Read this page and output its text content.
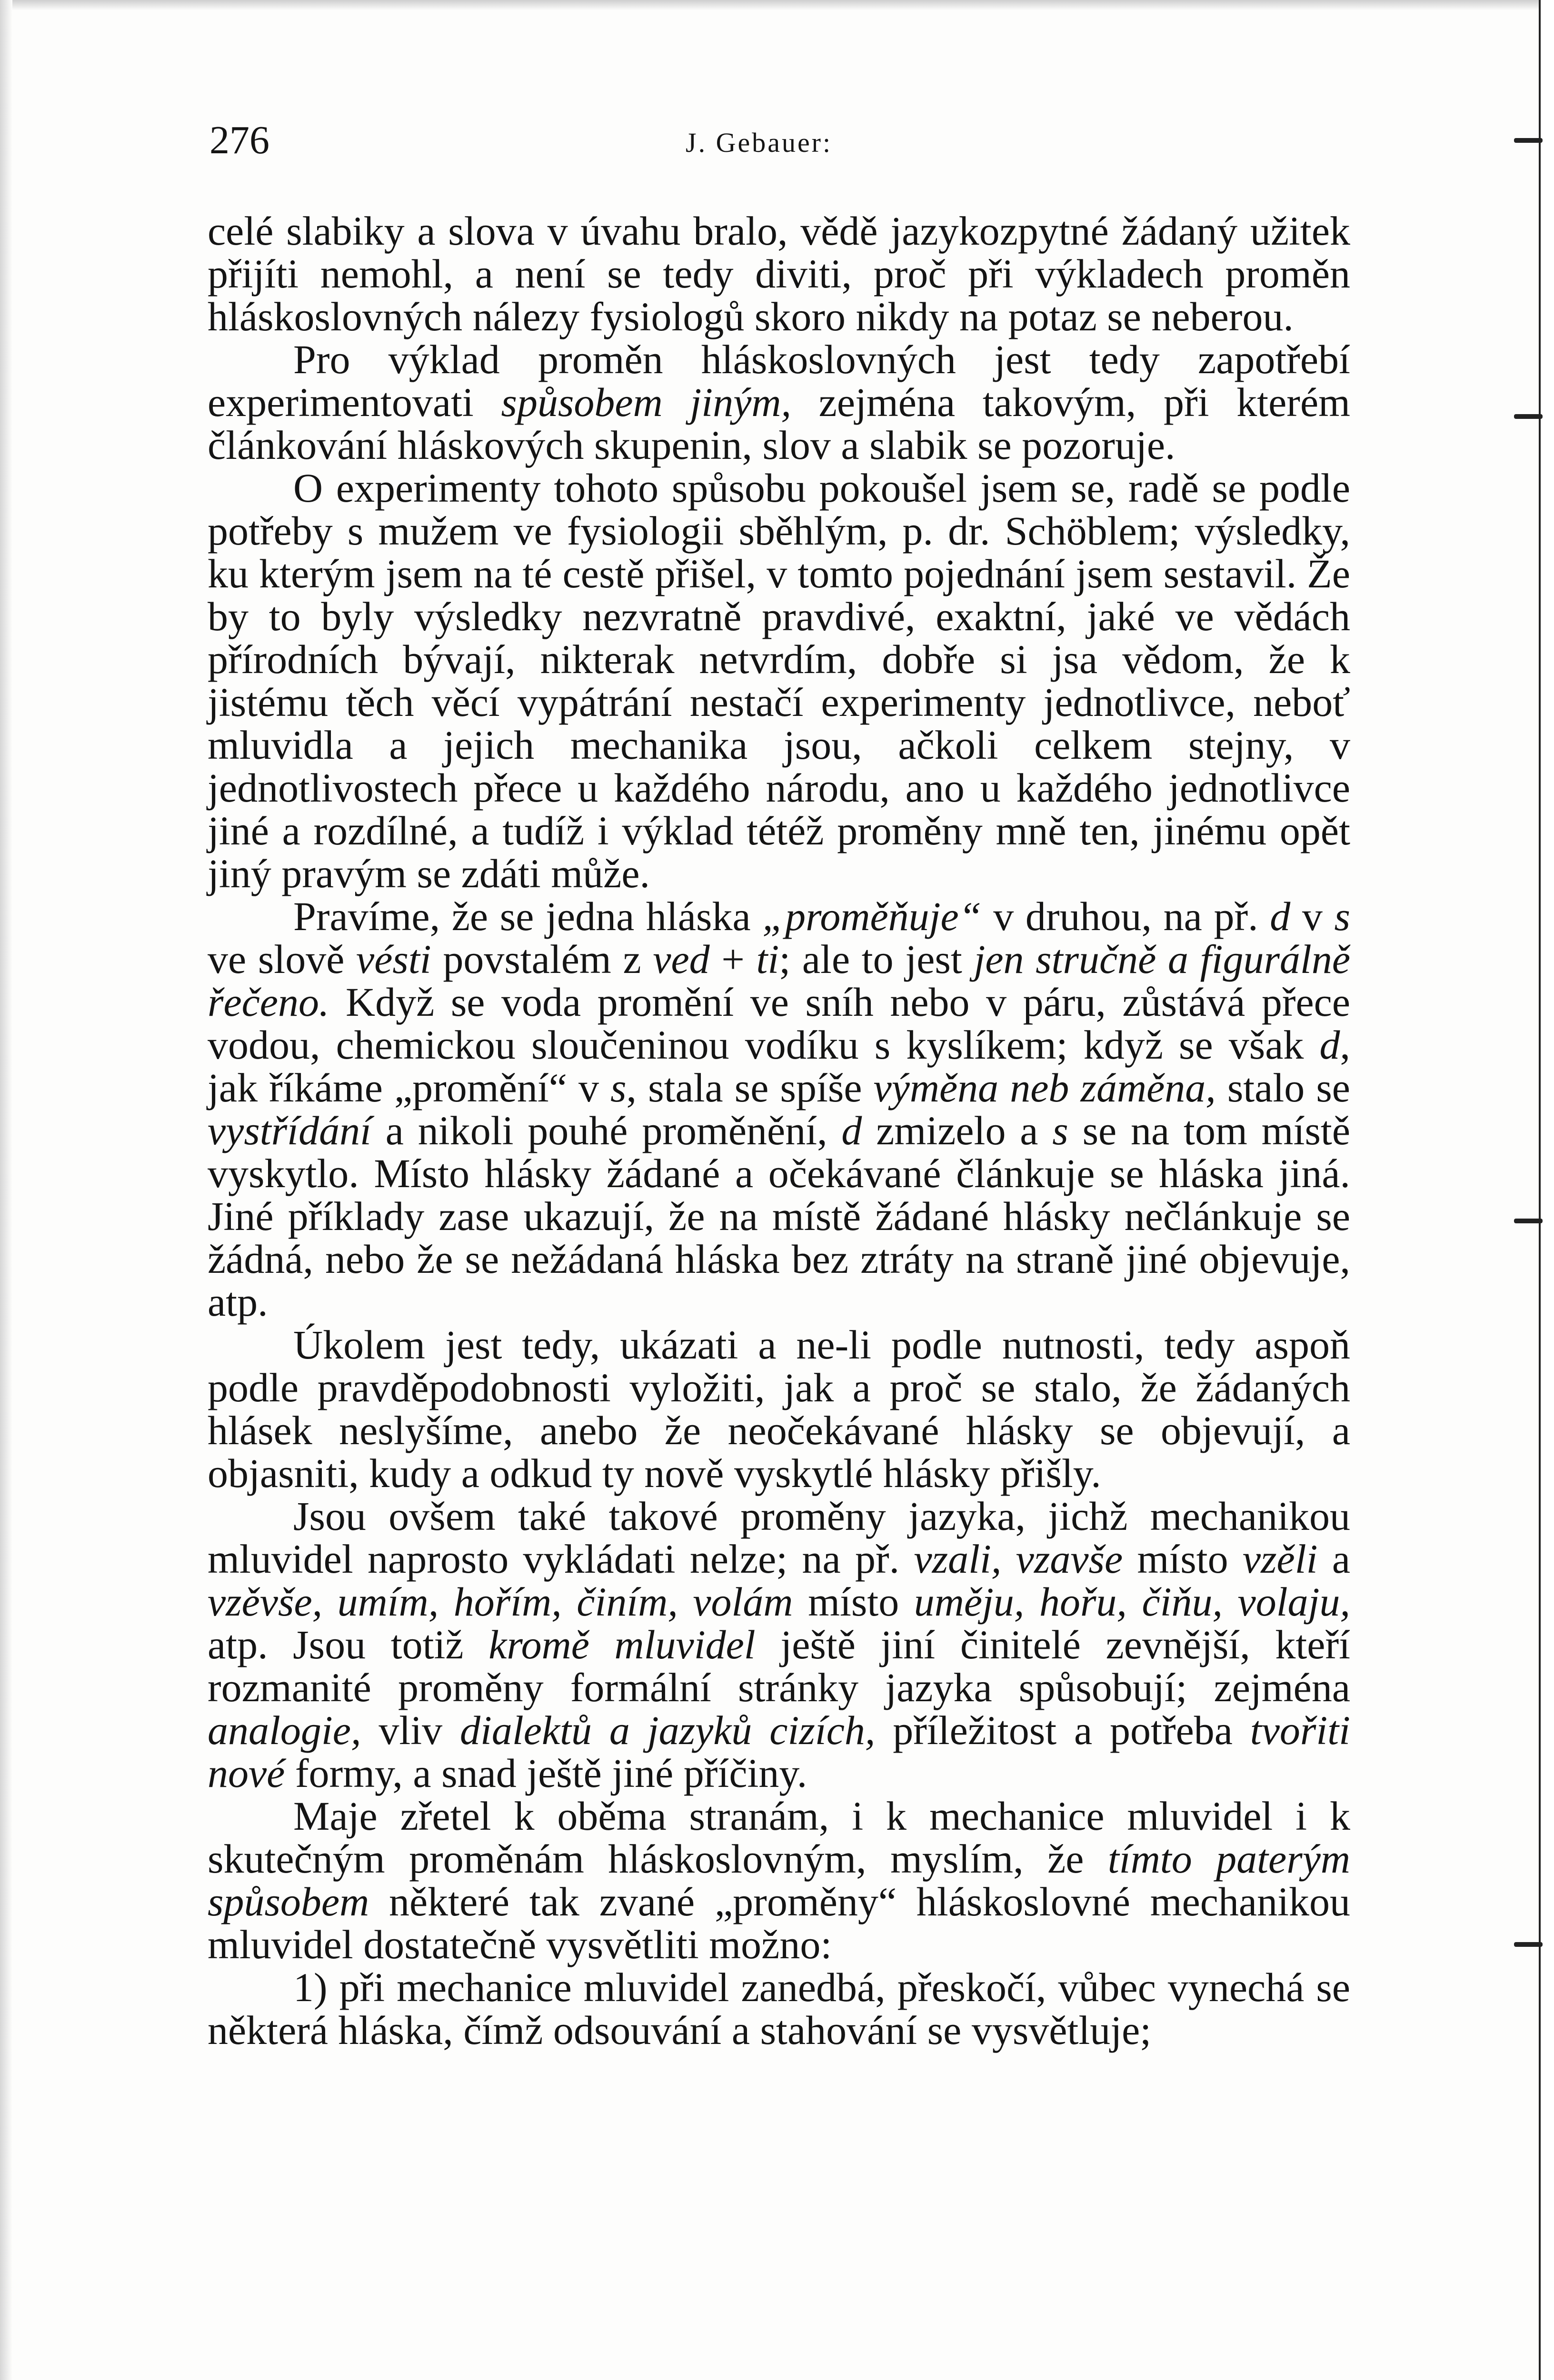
276	J. Gebauer:

celé slabiky a slova v úvahu bralo, vědě jazykozpytné žádaný užitek přijíti nemohl, a není se tedy diviti, proč při výkladech proměn hláskoslovných nálezy fysiologů skoro nikdy na potaz se neberou.

Pro výklad proměn hláskoslovných jest tedy zapotřebí experimentovati spůsobem jiným, zejména takovým, při kterém článkování hláskových skupenin, slov a slabik se pozoruje.

O experimenty tohoto spůsobu pokoušel jsem se, radě se podle potřeby s mužem ve fysiologii sběhlým, p. dr. Schöblem; výsledky, ku kterým jsem na té cestě přišel, v tomto pojednání jsem sestavil. Že by to byly výsledky nezvratně pravdivé, exaktní, jaké ve vědách přírodních bývají, nikterak netvrdím, dobře si jsa vědom, že k jistému těch věcí vypátrání nestačí experimenty jednotlivce, neboť mluvidla a jejich mechanika jsou, ačkoli celkem stejny, v jednotlivostech přece u každého národu, ano u každého jednotlivce jiné a rozdílné, a tudíž i výklad tétéž proměny mně ten, jinému opět jiný pravým se zdáti může.

Pravíme, že se jedna hláska „proměňuje“ v druhou, na př. d v s ve slově vésti povstalém z ved + ti; ale to jest jen stručně a figurálně řečeno. Když se voda promění ve sníh nebo v páru, zůstává přece vodou, chemickou sloučeninou vodíku s kyslíkem; když se však d, jak říkáme „promění“ v s, stala se spíše výměna neb záměna, stalo se vystřídání a nikoli pouhé proměnění, d zmizelo a s se na tom místě vyskytlo. Místo hlásky žádané a očekávané článkuje se hláska jiná. Jiné příklady zase ukazují, že na místě žádané hlásky nečlánkuje se žádná, nebo že se nežádaná hláska bez ztráty na straně jiné objevuje, atp.

Úkolem jest tedy, ukázati a ne-li podle nutnosti, tedy aspoň podle pravděpodobnosti vyložiti, jak a proč se stalo, že žádaných hlásek neslyšíme, anebo že neočekávané hlásky se objevují, a objasniti, kudy a odkud ty nově vyskytlé hlásky přišly.

Jsou ovšem také takové proměny jazyka, jichž mechanikou mluvidel naprosto vykládati nelze; na př. vzali, vzavše místo vzěli a vzěvše, umím, hořím, činím, volám místo uměju, hořu, čiňu, volaju, atp. Jsou totiž kromě mluvidel ještě jiní činitelé zevnější, kteří rozmanité proměny formální stránky jazyka spůsobují; zejména analogie, vliv dialektů a jazyků cizích, příležitost a potřeba tvořiti nové formy, a snad ještě jiné příčiny.

Maje zřetel k oběma stranám, i k mechanice mluvidel i k skutečným proměnám hláskoslovným, myslím, že tímto paterým spůsobem některé tak zvané „proměny“ hláskoslovné mechanikou mluvidel dostatečně vysvětliti možno:

1) při mechanice mluvidel zanedbá, přeskočí, vůbec vynechá se některá hláska, čímž odsouvání a stahování se vysvětluje;
